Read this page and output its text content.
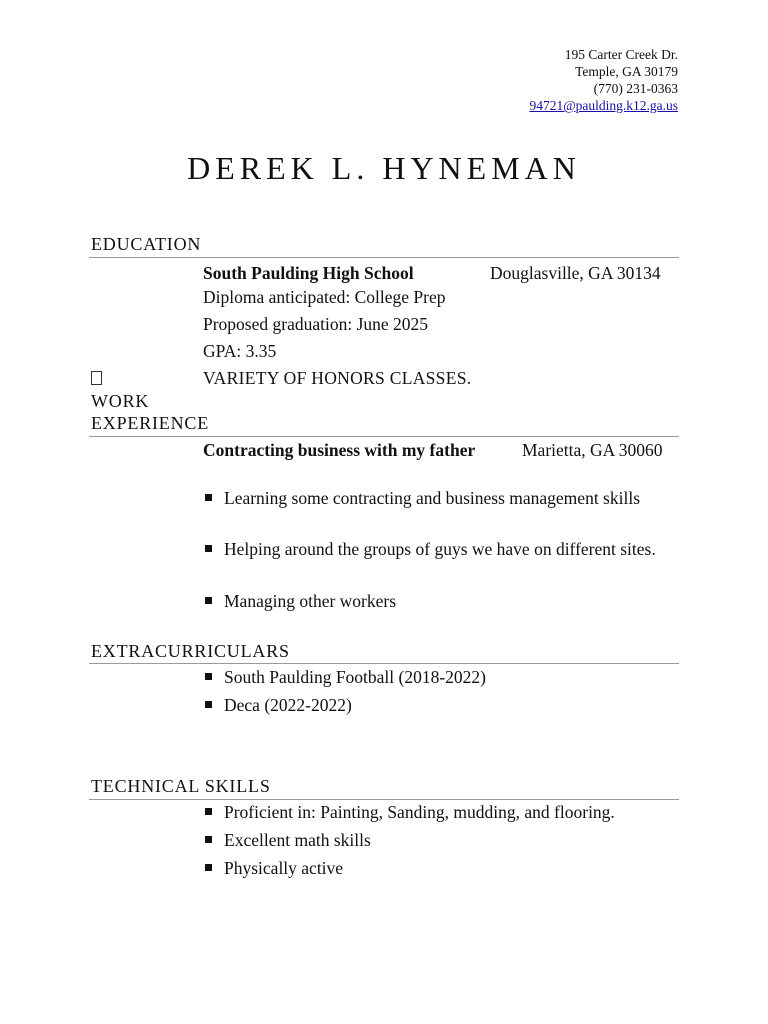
195 Carter Creek Dr.
Temple, GA 30179
(770) 231-0363
94721@paulding.k12.ga.us
DEREK L. HYNEMAN
EDUCATION
South Paulding High School	Douglasville, GA 30134
Diploma anticipated: College Prep
Proposed graduation: June 2025
GPA: 3.35
VARIETY OF HONORS CLASSES.
WORK
EXPERIENCE
Contracting business with my father	Marietta, GA 30060
Learning some contracting and business management skills
Helping around the groups of guys we have on different sites.
Managing other workers
EXTRACURRICULARS
South Paulding Football (2018-2022)
Deca (2022-2022)
TECHNICAL SKILLS
Proficient in: Painting, Sanding, mudding, and flooring.
Excellent math skills
Physically active
